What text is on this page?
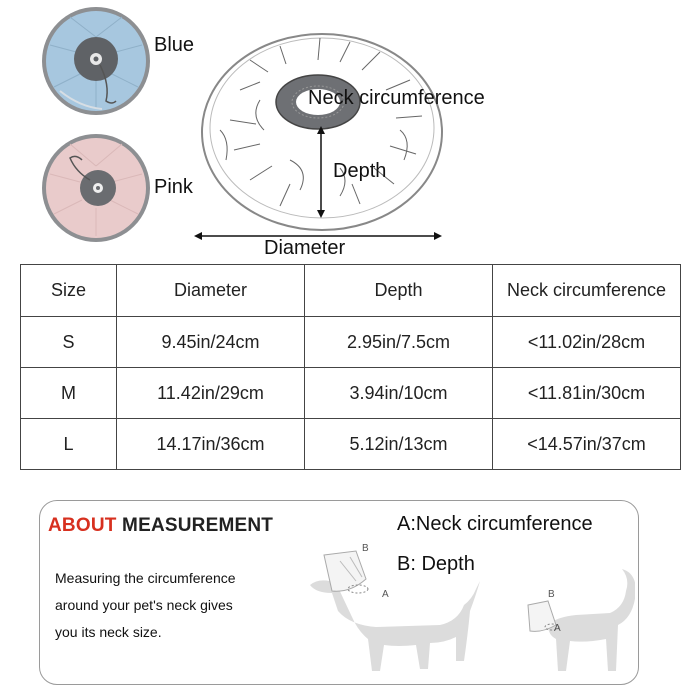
Blue
Pink
Neck circumference
Depth
Diameter
Size	Diameter	Depth	Neck circumference
S	9.45in/24cm	2.95in/7.5cm	<11.02in/28cm
M	11.42in/29cm	3.94in/10cm	<11.81in/30cm
L	14.17in/36cm	5.12in/13cm	<14.57in/37cm
ABOUT MEASUREMENT
Measuring the circumference
around your pet's neck gives
you its neck size.
A:Neck circumference
B: Depth
B
A	B
A
